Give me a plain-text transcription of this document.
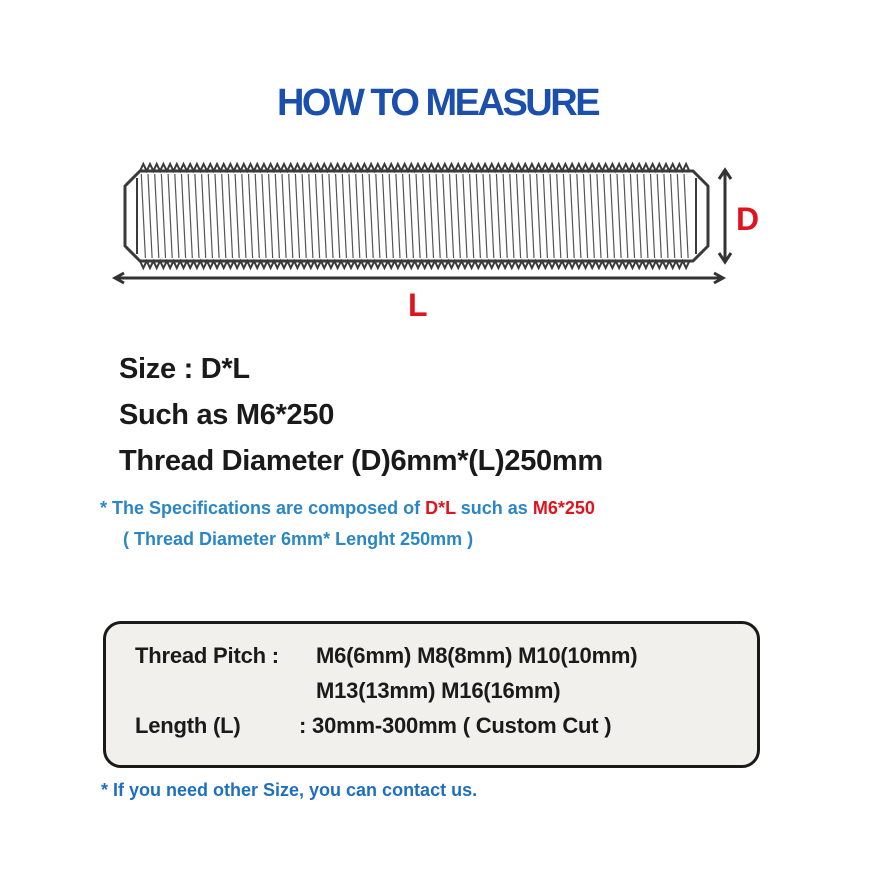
HOW TO MEASURE
D
L
Size : D*L
Such as M6*250
Thread Diameter (D)6mm*(L)250mm
* The Specifications are composed of D*L such as M6*250
( Thread Diameter 6mm* Lenght 250mm )
Thread Pitch : M6(6mm) M8(8mm) M10(10mm)
M13(13mm) M16(16mm)
Length (L)	: 30mm-300mm ( Custom Cut )
* If you need other Size, you can contact us.
